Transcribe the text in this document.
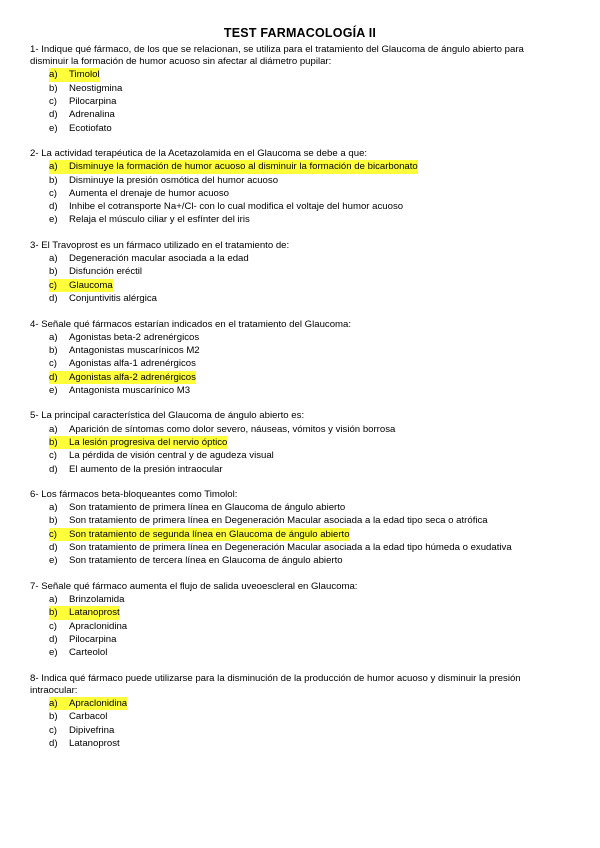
TEST FARMACOLOGÍA II
1- Indique qué fármaco, de los que se relacionan, se utiliza para el tratamiento del Glaucoma de ángulo abierto para disminuir la formación de humor acuoso sin afectar al diámetro pupilar:
a)	Timolol
b)	Neostigmina
c)	Pilocarpina
d)	Adrenalina
e)	Ecotiofato
2- La actividad terapéutica de la Acetazolamida en el Glaucoma se debe a que:
a)	Disminuye la formación de humor acuoso al disminuir la formación de bicarbonato
b)	Disminuye la presión osmótica del humor acuoso
c)	Aumenta el drenaje de humor acuoso
d)	Inhibe el cotransporte Na+/Cl- con lo cual modifica el voltaje del humor acuoso
e)	Relaja el músculo ciliar y el esfínter del iris
3- El Travoprost es un fármaco utilizado en el tratamiento de:
a)	Degeneración macular asociada a la edad
b)	Disfunción eréctil
c)	Glaucoma
d)	Conjuntivitis alérgica
4- Señale qué fármacos estarían indicados en el tratamiento del Glaucoma:
a)	Agonistas beta-2 adrenérgicos
b)	Antagonistas muscarínicos M2
c)	Agonistas alfa-1 adrenérgicos
d)	Agonistas alfa-2 adrenérgicos
e)	Antagonista muscarínico M3
5- La principal característica del Glaucoma de ángulo abierto es:
a)	Aparición de síntomas como dolor severo, náuseas, vómitos y visión borrosa
b)	La lesión progresiva del nervio óptico
c)	La pérdida de visión central y de agudeza visual
d)	El aumento de la presión intraocular
6- Los fármacos beta-bloqueantes como Timolol:
a)	Son tratamiento de primera línea en Glaucoma de ángulo abierto
b)	Son tratamiento de primera línea en Degeneración Macular asociada a la edad tipo seca o atrófica
c)	Son tratamiento de segunda línea en Glaucoma de ángulo abierto
d)	Son tratamiento de primera línea en Degeneración Macular asociada a la edad tipo húmeda o exudativa
e)	Son tratamiento de tercera línea en Glaucoma de ángulo abierto
7- Señale qué fármaco aumenta el flujo de salida uveoescleral en Glaucoma:
a)	Brinzolamida
b)	Latanoprost
c)	Apraclonidina
d)	Pilocarpina
e)	Carteolol
8- Indica qué fármaco puede utilizarse para la disminución de la producción de humor acuoso y disminuir la presión intraocular:
a)	Apraclonidina
b)	Carbacol
c)	Dipivefrina
d)	Latanoprost
